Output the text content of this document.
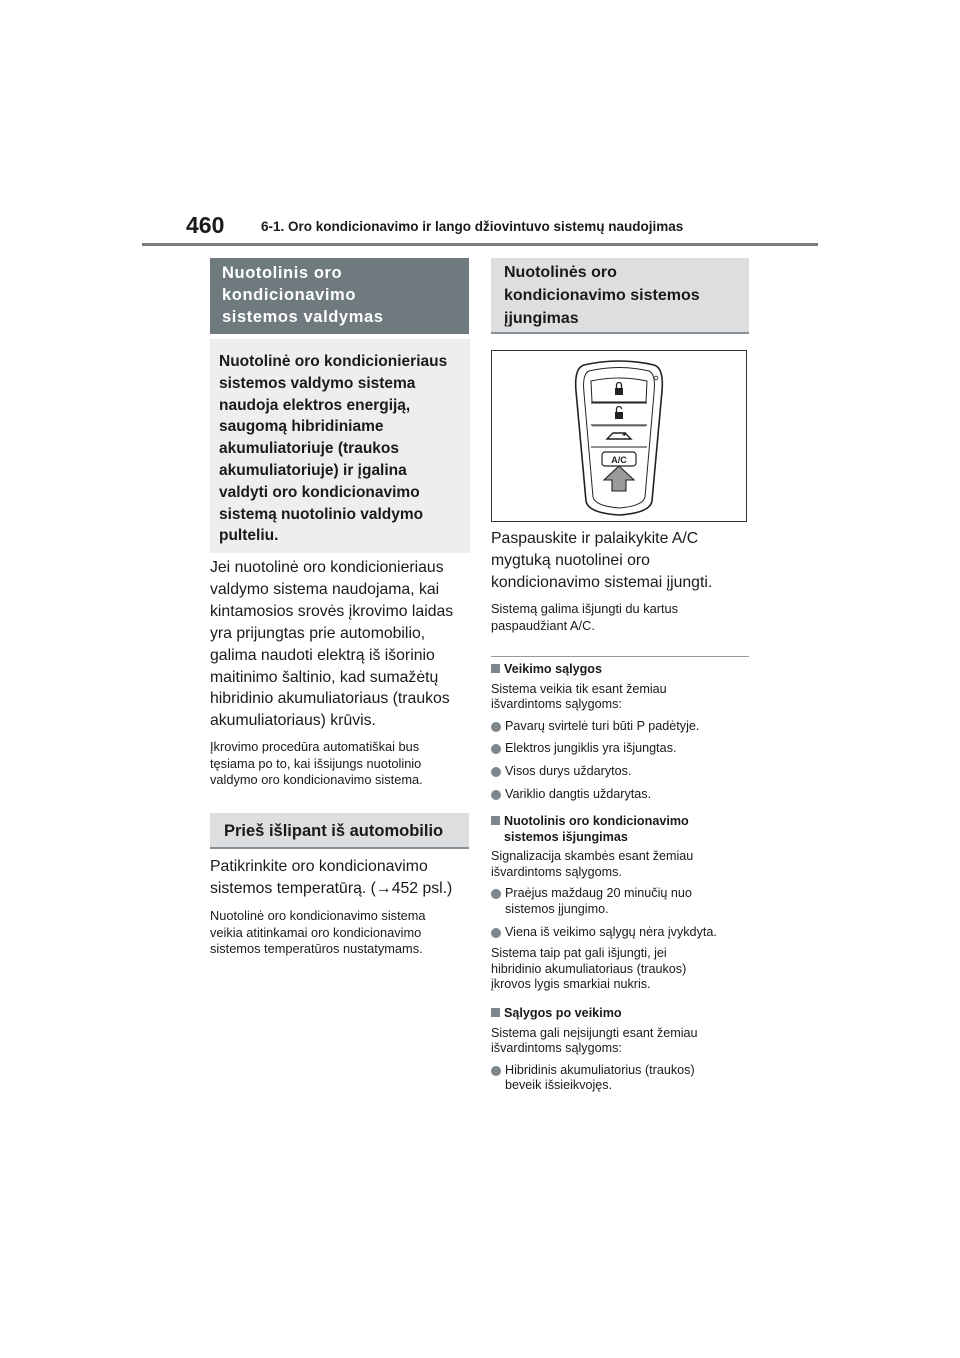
460	6-1. Oro kondicionavimo ir lango džiovintuvo sistemų naudojimas
Nuotolinis oro
kondicionavimo
sistemos valdymas
Nuotolinė oro kondicionieriaus
sistemos valdymo sistema
naudoja elektros energiją,
saugomą hibridiniame
akumuliatoriuje (traukos
akumuliatoriuje) ir įgalina
valdyti oro kondicionavimo
sistemą nuotolinio valdymo
pulteliu.
Jei nuotolinė oro kondicionieriaus
valdymo sistema naudojama, kai
kintamosios srovės įkrovimo laidas
yra prijungtas prie automobilio,
galima naudoti elektrą iš išorinio
maitinimo šaltinio, kad sumažėtų
hibridinio akumuliatoriaus (traukos
akumuliatoriaus) krūvis.
Įkrovimo procedūra automatiškai bus
tęsiama po to, kai išsijungs nuotolinio
valdymo oro kondicionavimo sistema.
Prieš išlipant iš automobilio
Patikrinkite oro kondicionavimo
sistemos temperatūrą. (→452 psl.)
Nuotolinė oro kondicionavimo sistema
veikia atitinkamai oro kondicionavimo
sistemos temperatūros nustatymams.
Nuotolinės oro
kondicionavimo sistemos
įjungimas
A/C
Paspauskite ir palaikykite A/C
mygtuką nuotolinei oro
kondicionavimo sistemai įjungti.
Sistemą galima išjungti du kartus
paspaudžiant A/C.
Veikimo sąlygos
Sistema veikia tik esant žemiau
išvardintoms sąlygoms:
Pavarų svirtelė turi būti P padėtyje.
Elektros jungiklis yra išjungtas.
Visos durys uždarytos.
Variklio dangtis uždarytas.
Nuotolinis oro kondicionavimo
sistemos išjungimas
Signalizacija skambės esant žemiau
išvardintoms sąlygoms.
Praėjus maždaug 20 minučių nuo
sistemos įjungimo.
Viena iš veikimo sąlygų nėra įvykdyta.
Sistema taip pat gali išjungti, jei
hibridinio akumuliatoriaus (traukos)
įkrovos lygis smarkiai nukris.
Sąlygos po veikimo
Sistema gali neįsijungti esant žemiau
išvardintoms sąlygoms:
Hibridinis akumuliatorius (traukos)
beveik išsieikvojęs.
